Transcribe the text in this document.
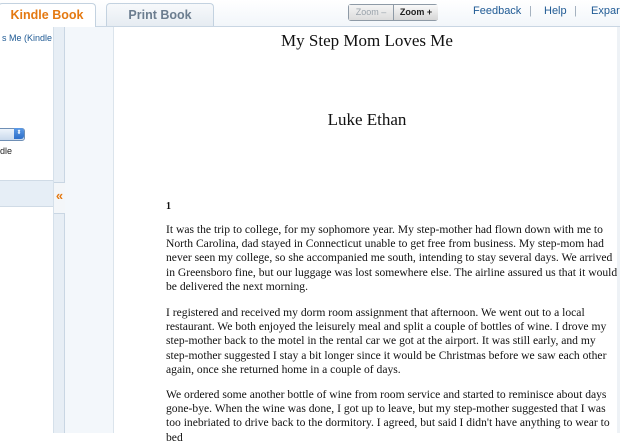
Kindle Book	Print Book	Zoom –	Zoom +	Feedback | Help | Expar
s Me (Kindle
⬍
dle
«
My Step Mom Loves Me
Luke Ethan
1

It was the trip to college, for my sophomore year. My step-mother had flown down with me to North Carolina, dad stayed in Connecticut unable to get free from business. My step-mom had never seen my college, so she accompanied me south, intending to stay several days. We arrived in Greensboro fine, but our luggage was lost somewhere else. The airline assured us that it would be delivered the next morning.

I registered and received my dorm room assignment that afternoon. We went out to a local restaurant. We both enjoyed the leisurely meal and split a couple of bottles of wine. I drove my step-mother back to the motel in the rental car we got at the airport. It was still early, and my step-mother suggested I stay a bit longer since it would be Christmas before we saw each other again, once she returned home in a couple of days.

We ordered some another bottle of wine from room service and started to reminisce about days gone-bye. When the wine was done, I got up to leave, but my step-mother suggested that I was too inebriated to drive back to the dormitory. I agreed, but said I didn't have anything to wear to bed
